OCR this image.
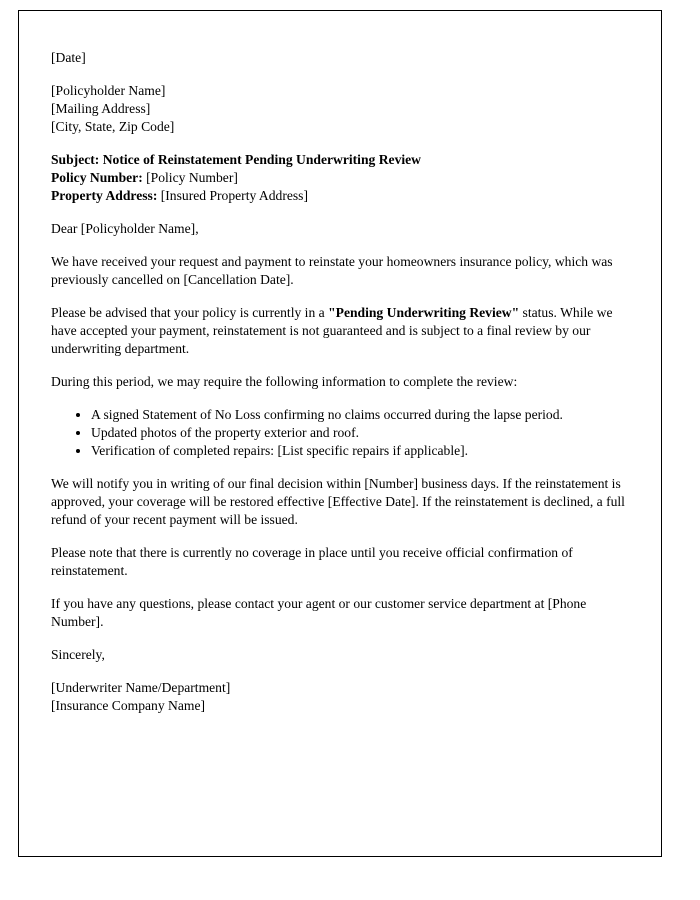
[Date]

[Policyholder Name]
[Mailing Address]
[City, State, Zip Code]
Subject: Notice of Reinstatement Pending Underwriting Review
Policy Number: [Policy Number]
Property Address: [Insured Property Address]

Dear [Policyholder Name],

We have received your request and payment to reinstate your homeowners insurance policy, which was previously cancelled on [Cancellation Date].

Please be advised that your policy is currently in a "Pending Underwriting Review" status. While we have accepted your payment, reinstatement is not guaranteed and is subject to a final review by our underwriting department.

During this period, we may require the following information to complete the review:

• A signed Statement of No Loss confirming no claims occurred during the lapse period.
• Updated photos of the property exterior and roof.
• Verification of completed repairs: [List specific repairs if applicable].

We will notify you in writing of our final decision within [Number] business days. If the reinstatement is approved, your coverage will be restored effective [Effective Date]. If the reinstatement is declined, a full refund of your recent payment will be issued.

Please note that there is currently no coverage in place until you receive official confirmation of reinstatement.

If you have any questions, please contact your agent or our customer service department at [Phone Number].

Sincerely,

[Underwriter Name/Department]
[Insurance Company Name]
